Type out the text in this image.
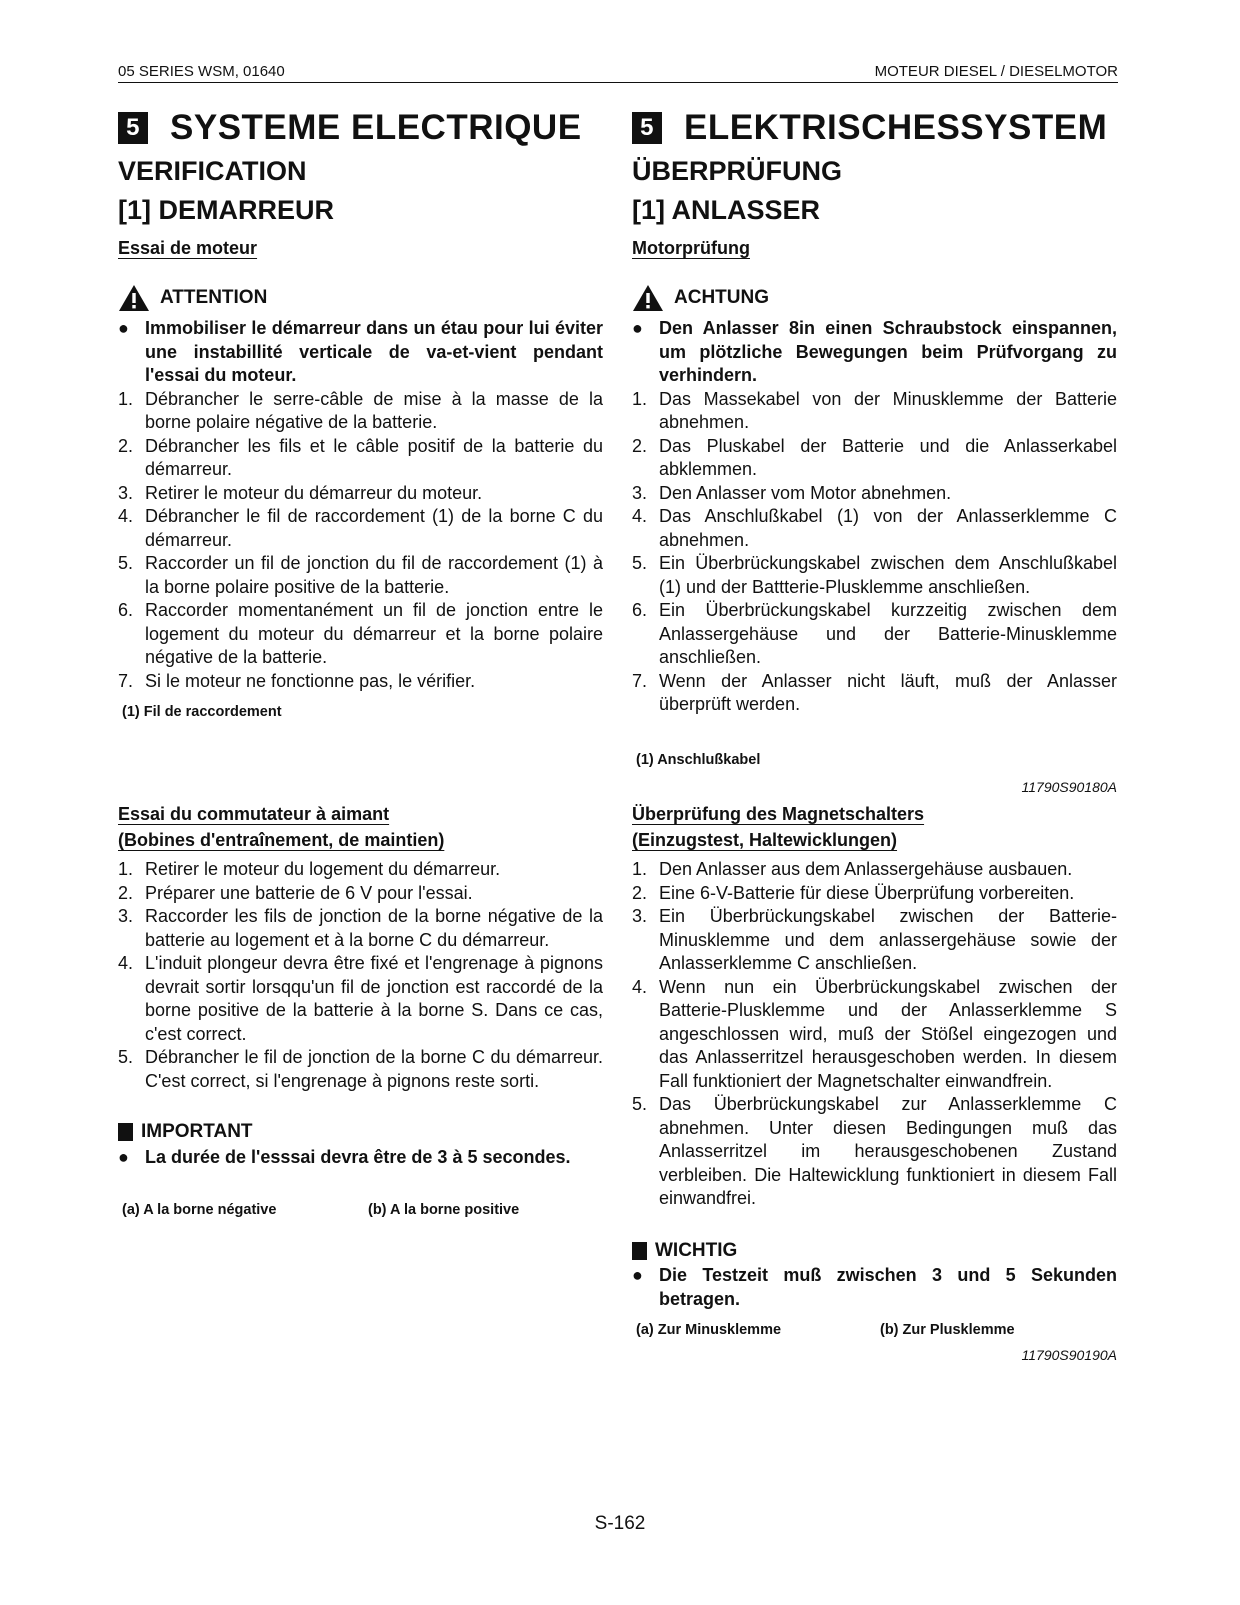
05 SERIES WSM, 01640	MOTEUR DIESEL / DIESELMOTOR
5 SYSTEME ELECTRIQUE
VERIFICATION
[1] DEMARREUR
Essai de moteur
ATTENTION
● Immobiliser le démarreur dans un étau pour lui éviter une instabillité verticale de va-et-vient pendant l'essai du moteur.
1. Débrancher le serre-câble de mise à la masse de la borne polaire négative de la batterie.
2. Débrancher les fils et le câble positif de la batterie du démarreur.
3. Retirer le moteur du démarreur du moteur.
4. Débrancher le fil de raccordement (1) de la borne C du démarreur.
5. Raccorder un fil de jonction du fil de raccordement (1) à la borne polaire positive de la batterie.
6. Raccorder momentanément un fil de jonction entre le logement du moteur du démarreur et la borne polaire négative de la batterie.
7. Si le moteur ne fonctionne pas, le vérifier.
(1) Fil de raccordement
Essai du commutateur à aimant
(Bobines d'entraînement, de maintien)
1. Retirer le moteur du logement du démarreur.
2. Préparer une batterie de 6 V pour l'essai.
3. Raccorder les fils de jonction de la borne négative de la batterie au logement et à la borne C du démarreur.
4. L'induit plongeur devra être fixé et l'engrenage à pignons devrait sortir lorsqqu'un fil de jonction est raccordé de la borne positive de la batterie à la borne S. Dans ce cas, c'est correct.
5. Débrancher le fil de jonction de la borne C du démarreur. C'est correct, si l'engrenage à pignons reste sorti.
IMPORTANT
● La durée de l'esssai devra être de 3 à 5 secondes.
(a) A la borne négative	(b) A la borne positive
5 ELEKTRISCHESSYSTEM
ÜBERPRÜFUNG
[1] ANLASSER
Motorprüfung
ACHTUNG
● Den Anlasser 8in einen Schraubstock einspannen, um plötzliche Bewegungen beim Prüfvorgang zu verhindern.
1. Das Massekabel von der Minusklemme der Batterie abnehmen.
2. Das Pluskabel der Batterie und die Anlasserkabel abklemmen.
3. Den Anlasser vom Motor abnehmen.
4. Das Anschlußkabel (1) von der Anlasserklemme C abnehmen.
5. Ein Überbrückungskabel zwischen dem Anschlußkabel (1) und der Battterie-Plusklemme anschließen.
6. Ein Überbrückungskabel kurzzeitig zwischen dem Anlassergehäuse und der Batterie-Minusklemme anschließen.
7. Wenn der Anlasser nicht läuft, muß der Anlasser überprüft werden.
(1) Anschlußkabel
11790S90180A
Überprüfung des Magnetschalters
(Einzugstest, Haltewicklungen)
1. Den Anlasser aus dem Anlassergehäuse ausbauen.
2. Eine 6-V-Batterie für diese Überprüfung vorbereiten.
3. Ein Überbrückungskabel zwischen der Batterie-Minusklemme und dem anlassergehäuse sowie der Anlasserklemme C anschließen.
4. Wenn nun ein Überbrückungskabel zwischen der Batterie-Plusklemme und der Anlasserklemme S angeschlossen wird, muß der Stößel eingezogen und das Anlasserritzel herausgeschoben werden. In diesem Fall funktioniert der Magnetschalter einwandfrein.
5. Das Überbrückungskabel zur Anlasserklemme C abnehmen. Unter diesen Bedingungen muß das Anlasserritzel im herausgeschobenen Zustand verbleiben. Die Haltewicklung funktioniert in diesem Fall einwandfrei.
WICHTIG
● Die Testzeit muß zwischen 3 und 5 Sekunden betragen.
(a) Zur Minusklemme	(b) Zur Plusklemme
11790S90190A
S-162
